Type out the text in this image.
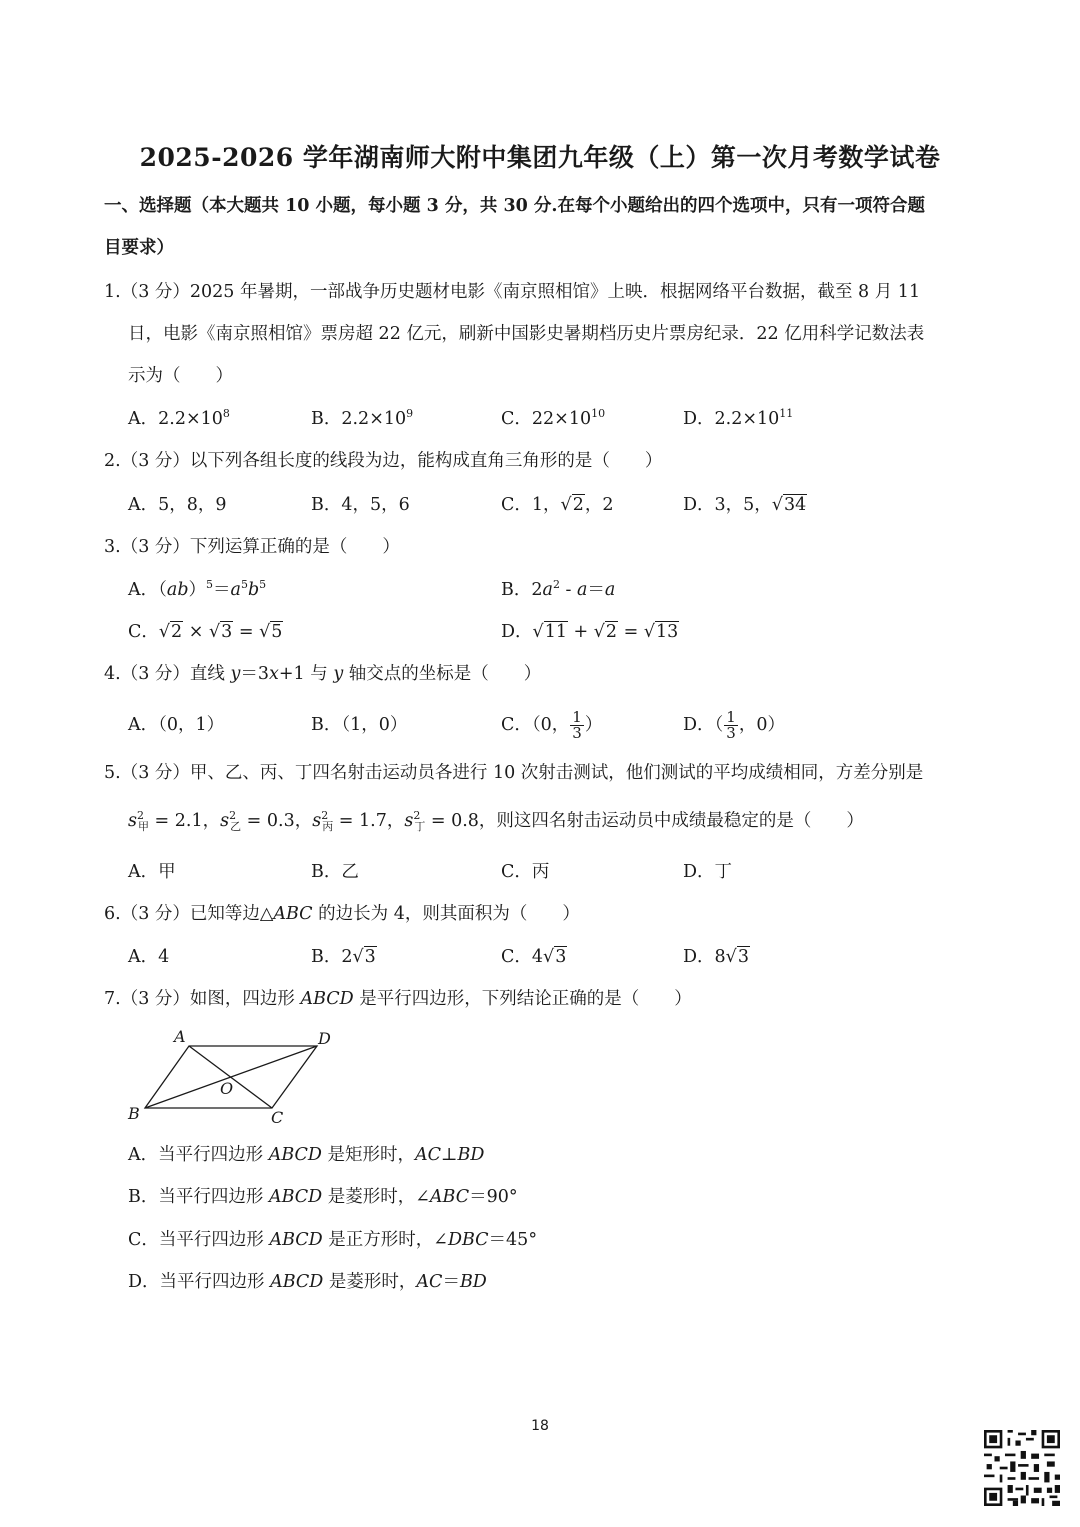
2025-2026 学年湖南师大附中集团九年级（上）第一次月考数学试卷
一、选择题（本大题共 10 小题，每小题 3 分，共 30 分.在每个小题给出的四个选项中，只有一项符合题
目要求）
1.（3 分）2025 年暑期，一部战争历史题材电影《南京照相馆》上映．根据网络平台数据，截至 8 月 11
日，电影《南京照相馆》票房超 22 亿元，刷新中国影史暑期档历史片票房纪录．22 亿用科学记数法表
示为（　　）
A．$2.2\times 10^8$	B．$2.2\times 10^9$	C．$22\times 10^{10}$	D．$2.2\times 10^{11}$
2.（3 分）以下列各组长度的线段为边，能构成直角三角形的是（　　）
A．5，8，9	B．4，5，6	C．1，√2，2	D．3，5，√34
3.（3 分）下列运算正确的是（　　）
A．$(ab)^5=a^5b^5$	B．$2a^2 - a=a$
C．√2 × √3 = √5	D．√11 + √2 = √13
4.（3 分）直线 y＝3x+1 与 y 轴交点的坐标是（　　）
A．（0，1）	B．（1，0）	C．（0， $\frac{1}{3}$ ）	D．（ $\frac{1}{3}$ ，0）
5.（3 分）甲、乙、丙、丁四名射击运动员各进行 10 次射击测试，他们测试的平均成绩相同，方差分别是
$s^2_甲 = 2.1$，$s^2_乙 = 0.3$，$s^2_丙 = 1.7$，$s^2_丁 = 0.8$，则这四名射击运动员中成绩最稳定的是（　　）
A．甲	B．乙	C．丙	D．丁
6.（3 分）已知等边△ABC 的边长为 4，则其面积为（　　）
A．4	B．2√3	C．4√3	D．8√3
7.（3 分）如图，四边形 ABCD 是平行四边形，下列结论正确的是（　　）
A	D
B	C
O
A．当平行四边形 ABCD 是矩形时，AC⊥BD
B．当平行四边形 ABCD 是菱形时，∠ABC＝90°
C．当平行四边形 ABCD 是正方形时，∠DBC＝45°
D．当平行四边形 ABCD 是菱形时，AC＝BD
18
